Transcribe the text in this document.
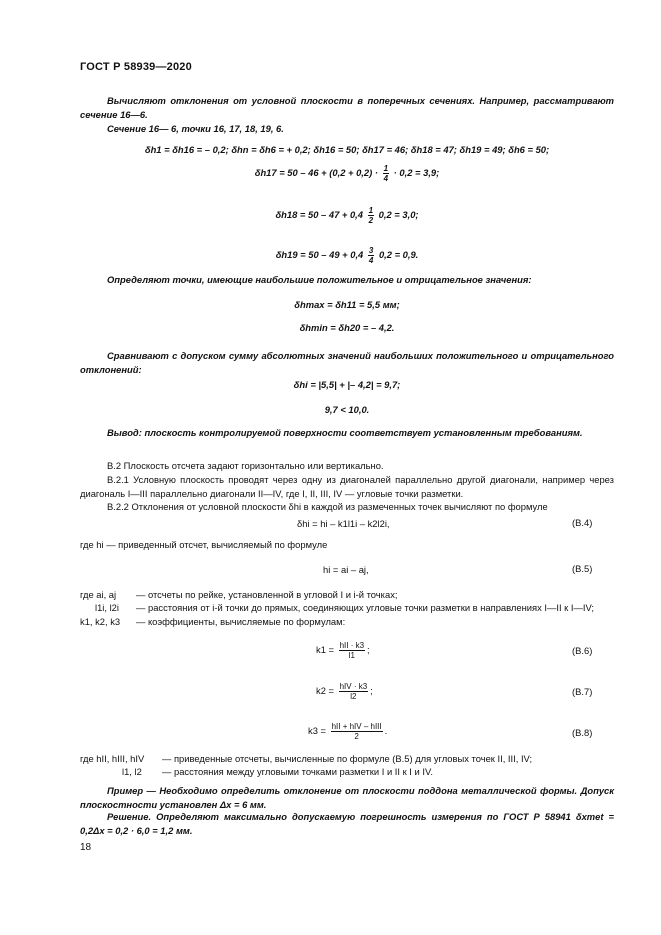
ГОСТ Р 58939—2020
Вычисляют отклонения от условной плоскости в поперечных сечениях. Например, рассматривают сечение 16—6.
Сечение 16— 6, точки 16, 17, 18, 19, 6.
δh1 = δh16 = – 0,2; δhn = δh6 = + 0,2; δh16 = 50; δh17 = 46; δh18 = 47; δh19 = 49; δh6 = 50;
$\delta h17 = 50 - 46 + (0,2 + 0,2) \cdot \frac{1}{4} \cdot 0,2 = 3,9$;
$\delta h18 = 50 - 47 + 0,4 \frac{1}{2} 0,2 = 3,0$;
$\delta h19 = 50 - 49 + 0,4 \frac{3}{4} 0,2 = 0,9$.
Определяют точки, имеющие наибольшие положительное и отрицательное значения:
δhmax = δh11 = 5,5 мм;
δhmin = δh20 = – 4,2.
Сравнивают с допуском сумму абсолютных значений наибольших положительного и отрицательного отклонений:
δhi = |5,5| + |– 4,2| = 9,7;
9,7 < 10,0.
Вывод: плоскость контролируемой поверхности соответствует установленным требованиям.
В.2 Плоскость отсчета задают горизонтально или вертикально.
В.2.1 Условную плоскость проводят через одну из диагоналей параллельно другой диагонали, например через диагональ I—III параллельно диагонали II—IV, где I, II, III, IV — угловые точки разметки.
В.2.2 Отклонения от условной плоскости δhi в каждой из размеченных точек вычисляют по формуле
δhi = hi – k1l1i – k2l2i,	(В.4)
где hi — приведенный отсчет, вычисляемый по формуле
hi = ai – aj,	(В.5)
где ai, aj — отсчеты по рейке, установленной в угловой I и i-й точках;
l1i, l2i — расстояния от i-й точки до прямых, соединяющих угловые точки разметки в направлениях I—II к I—IV;
k1, k2, k3 — коэффициенты, вычисляемые по формулам:
k1 = hII · k3
l1
;	(В.6)
k2 = hIV · k3
l2
;	(В.7)
k3 = hII + hIV – hIII
2
.	(В.8)
где hII, hIII, hIV — приведенные отсчеты, вычисленные по формуле (В.5) для угловых точек II, III, IV;
l1, l2 — расстояния между угловыми точками разметки I и II к I и IV.
Пример — Необходимо определить отклонение от плоскости поддона металлической формы. Допуск плоскостности установлен Δx = 6 мм.
Решение. Определяют максимально допускаемую погрешность измерения по ГОСТ Р 58941 δxmet = 0,2Δx = 0,2 · 6,0 = 1,2 мм.
18
